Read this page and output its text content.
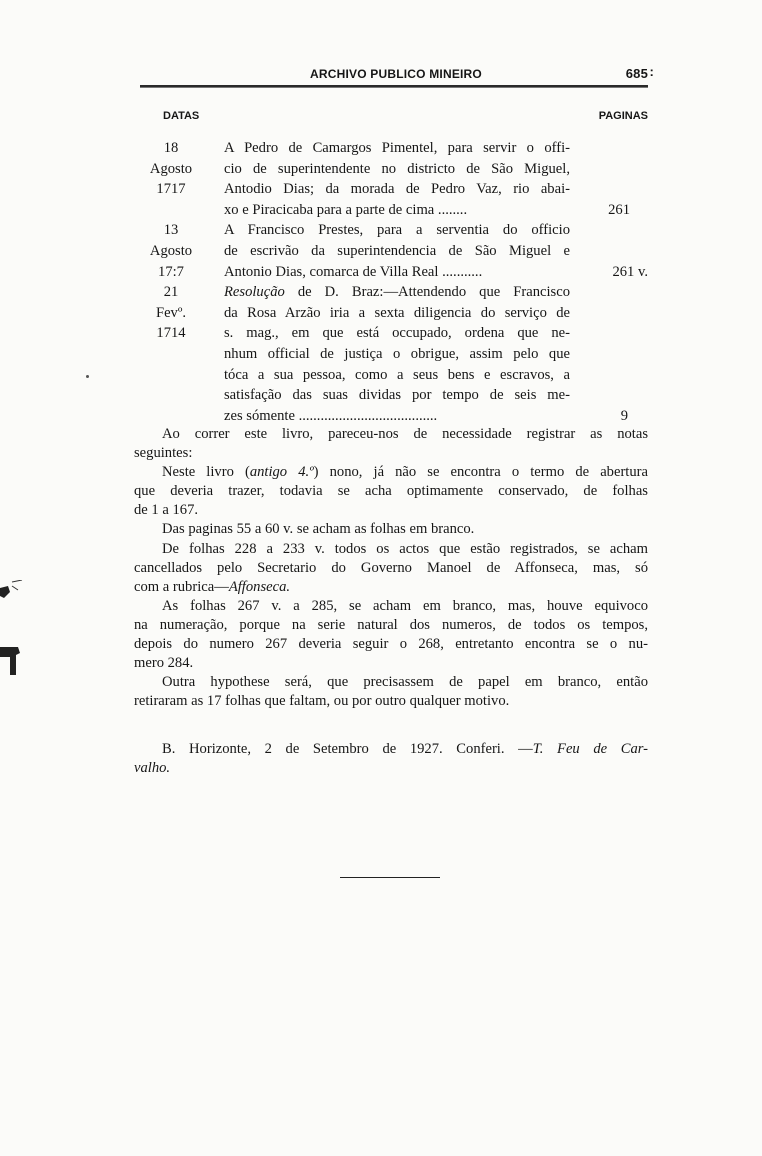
ARCHIVO PUBLICO MINEIRO	685 :
DATAS	PAGINAS
18	A Pedro de Camargos Pimentel, para servir o offi-
Agosto	cio de superintendente no districto de São Miguel,
1717	Antodio Dias; da morada de Pedro Vaz, rio abai-
xo e Piracicaba para a parte de cima ........	261
13	A Francisco Prestes, para a serventia do officio
Agosto	de escrivão da superintendencia de São Miguel e
17:7	Antonio Dias, comarca de Villa Real ...........	261 v.
21	Resolução de D. Braz:—Attendendo que Francisco
Fevº.	da Rosa Arzão iria a sexta diligencia do serviço de
1714	s. mag., em que está occupado, ordena que ne-
nhum official de justiça o obrigue, assim pelo que
tóca a sua pessoa, como a seus bens e escravos, a
satisfação das suas dividas por tempo de seis me-
zes sómente ......................................	9
Ao correr este livro, pareceu-nos de necessidade registrar as notas
seguintes:
Neste livro (antigo 4.º) nono, já não se encontra o termo de abertura
que deveria trazer, todavia se acha optimamente conservado, de folhas
de 1 a 167.
Das paginas 55 a 60 v. se acham as folhas em branco.
De folhas 228 a 233 v. todos os actos que estão registrados, se acham
cancellados pelo Secretario do Governo Manoel de Affonseca, mas, só
com a rubrica—Affonseca.
As folhas 267 v. a 285, se acham em branco, mas, houve equivoco
na numeração, porque na serie natural dos numeros, de todos os tempos,
depois do numero 267 deveria seguir o 268, entretanto encontra se o nu-
mero 284.
Outra hypothese será, que precisassem de papel em branco, então
retiraram as 17 folhas que faltam, ou por outro qualquer motivo.
B. Horizonte, 2 de Setembro de 1927. Conferi. —T. Feu de Car-
valho.
